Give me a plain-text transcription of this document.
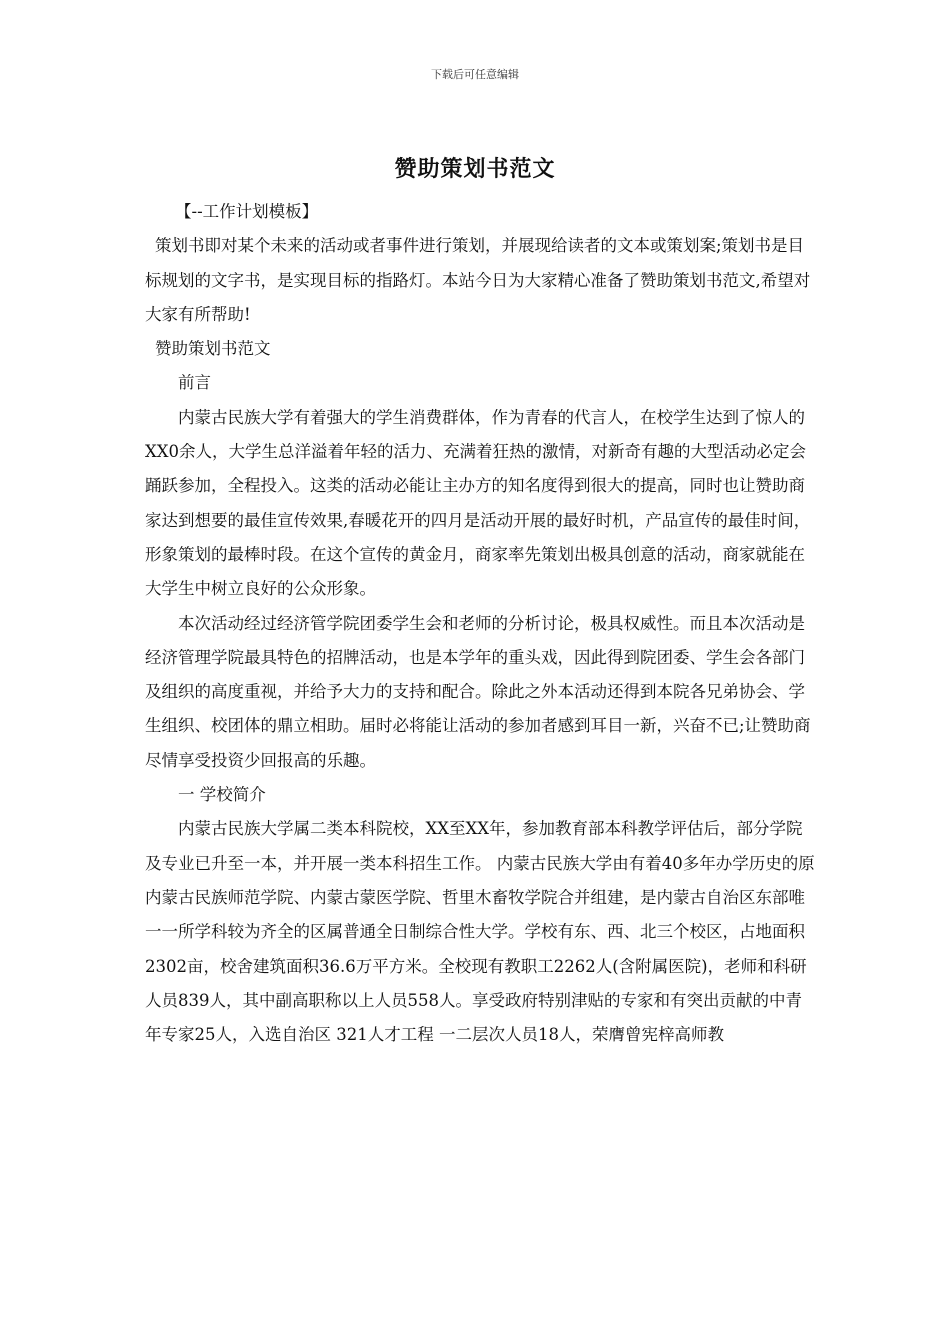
下载后可任意编辑
赞助策划书范文

【--工作计划模板】

策划书即对某个未来的活动或者事件进行策划，并展现给读者的文本或策划案;策划书是目标规划的文字书，是实现目标的指路灯。本站今日为大家精心准备了赞助策划书范文,希望对大家有所帮助!

赞助策划书范文

前言

内蒙古民族大学有着强大的学生消费群体，作为青春的代言人，在校学生达到了惊人的XX0余人，大学生总洋溢着年轻的活力、充满着狂热的激情，对新奇有趣的大型活动必定会踊跃参加，全程投入。这类的活动必能让主办方的知名度得到很大的提高，同时也让赞助商家达到想要的最佳宣传效果,春暖花开的四月是活动开展的最好时机，产品宣传的最佳时间，形象策划的最棒时段。在这个宣传的黄金月，商家率先策划出极具创意的活动，商家就能在大学生中树立良好的公众形象。

本次活动经过经济管学院团委学生会和老师的分析讨论，极具权威性。而且本次活动是经济管理学院最具特色的招牌活动，也是本学年的重头戏，因此得到院团委、学生会各部门及组织的高度重视，并给予大力的支持和配合。除此之外本活动还得到本院各兄弟协会、学生组织、校团体的鼎立相助。届时必将能让活动的参加者感到耳目一新，兴奋不已;让赞助商尽情享受投资少回报高的乐趣。

一 学校简介

内蒙古民族大学属二类本科院校，XX至XX年，参加教育部本科教学评估后，部分学院及专业已升至一本，并开展一类本科招生工作。 内蒙古民族大学由有着40多年办学历史的原内蒙古民族师范学院、内蒙古蒙医学院、哲里木畜牧学院合并组建，是内蒙古自治区东部唯一一所学科较为齐全的区属普通全日制综合性大学。学校有东、西、北三个校区，占地面积2302亩，校舍建筑面积36.6万平方米。全校现有教职工2262人(含附属医院)，老师和科研人员839人，其中副高职称以上人员558人。享受政府特别津贴的专家和有突出贡献的中青年专家25人，入选自治区 321人才工程 一二层次人员18人，荣膺曾宪梓高师教
